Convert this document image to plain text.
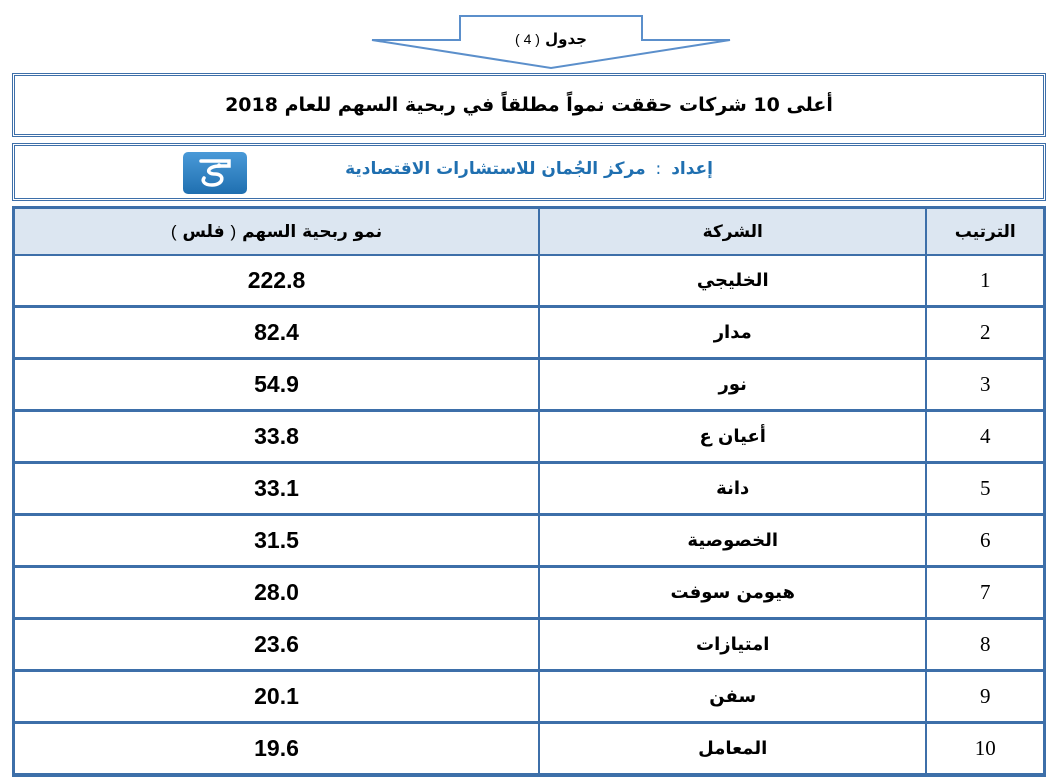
جدول ( 4 )
أعلى 10 شركات حققت نمواً مطلقاً في ربحية السهم للعام 2018
إعداد : مركز الجُمان للاستشارات الاقتصادية
نمو ربحية السهم ( فلس )	الشركة	الترتيب
222.8	الخليجي	1
82.4	مدار	2
54.9	نور	3
33.8	أعيان ع	4
33.1	دانة	5
31.5	الخصوصية	6
28.0	هيومن سوفت	7
23.6	امتيازات	8
20.1	سفن	9
19.6	المعامل	10
